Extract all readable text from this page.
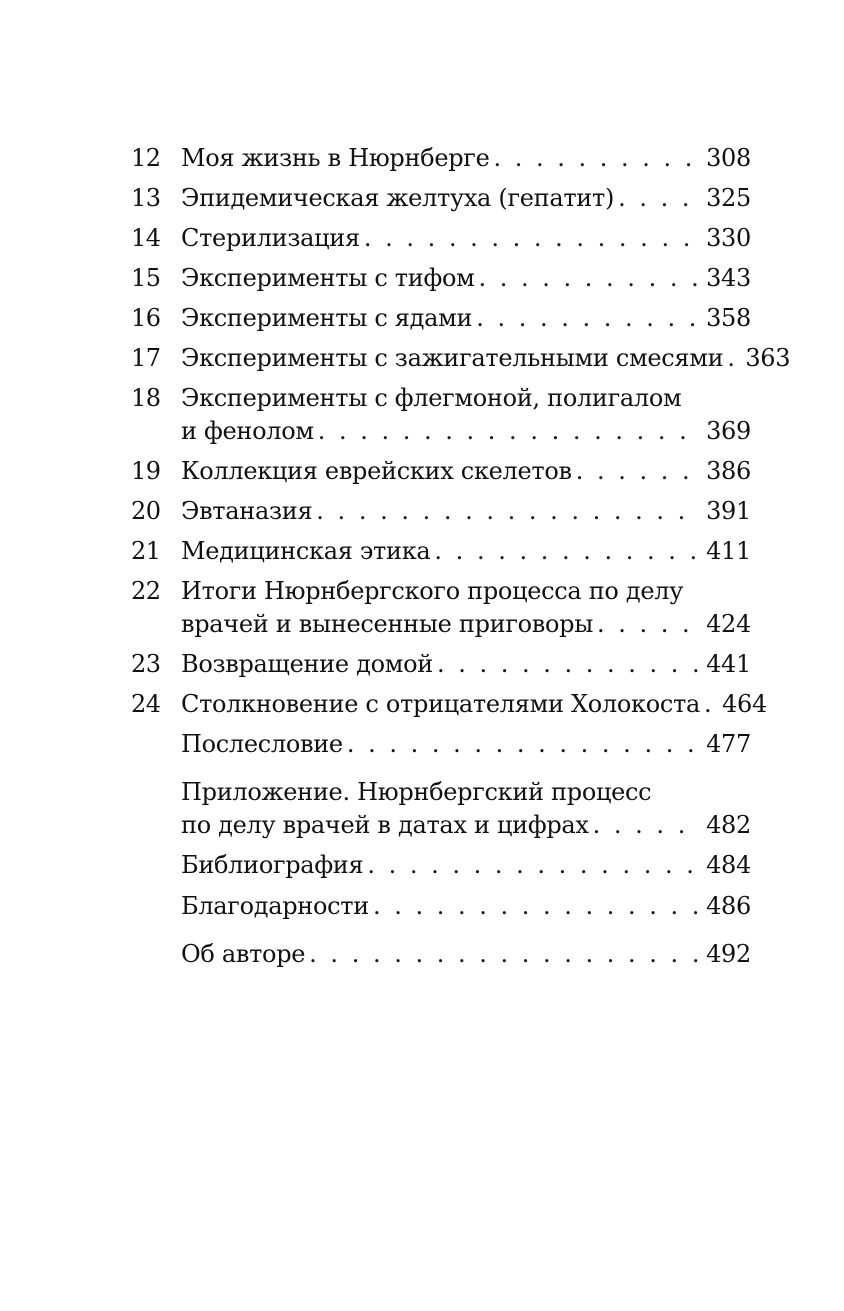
12 Моя жизнь в Нюрнберге . . .	308
13 Эпидемическая желтуха (гепатит) . . .	325
14 Стерилизация . . .	330
15 Эксперименты с тифом . . .	343
16 Эксперименты с ядами . . .	358
17 Эксперименты с зажигательными смесями . . . 363
18 Эксперименты с флегмоной, полигалом
и фенолом . . .	369
19 Коллекция еврейских скелетов . . .	386
20 Эвтаназия . . .	391
21 Медицинская этика . . .	411
22 Итоги Нюрнбергского процесса по делу
врачей и вынесенные приговоры . . .	424
23 Возвращение домой . . .	441
24 Столкновение с отрицателями Холокоста . . . 464
Послесловие . . .	477
Приложение. Нюрнбергский процесс
по делу врачей в датах и цифрах . . .	482
Библиография . . .	484
Благодарности . . .	486
Об авторе . . .	492
